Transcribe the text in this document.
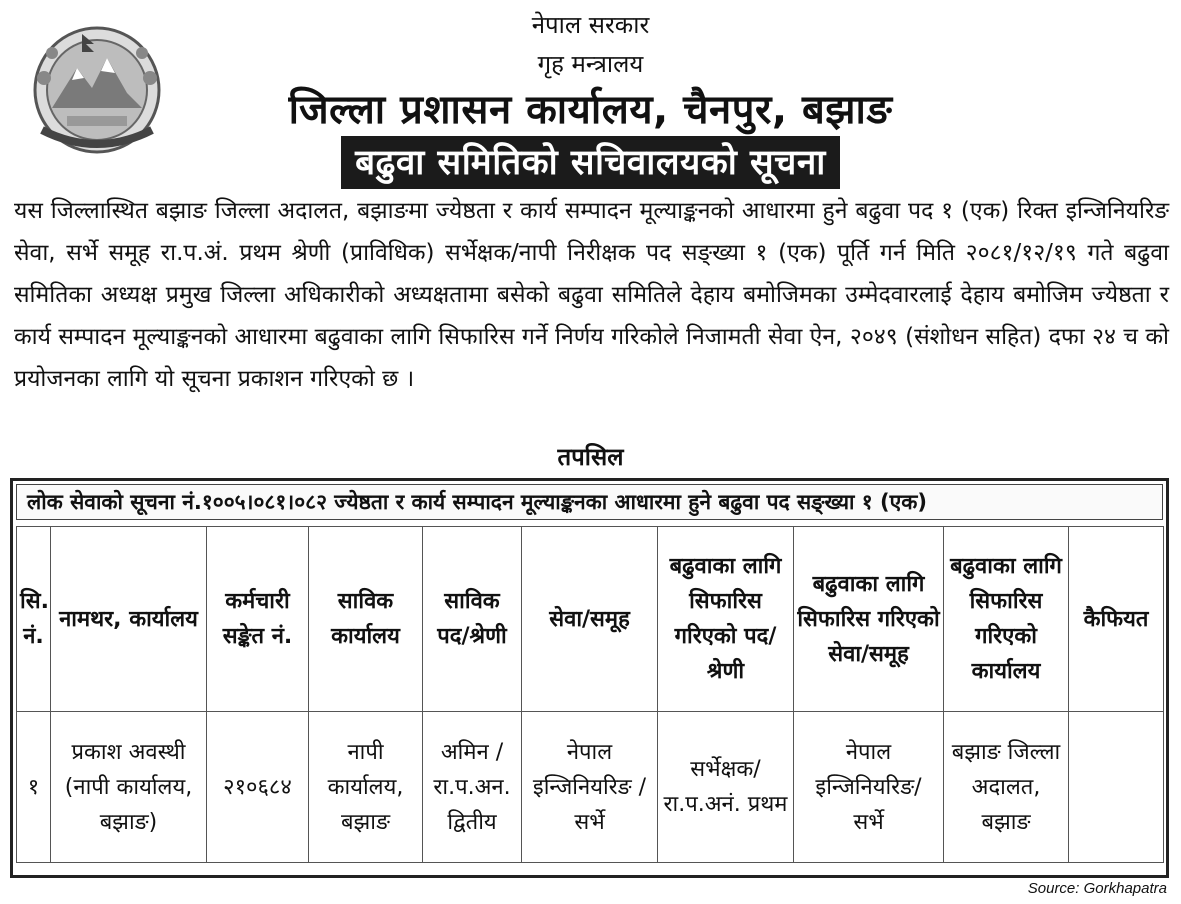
नेपाल सरकार
गृह मन्त्रालय
जिल्ला प्रशासन कार्यालय, चैनपुर, बझाङ
बढुवा समितिको सचिवालयको सूचना
यस जिल्लास्थित बझाङ जिल्ला अदालत, बझाङमा ज्येष्ठता र कार्य सम्पादन मूल्याङ्कनको आधारमा हुने बढुवा पद १ (एक) रिक्त इन्जिनियरिङ सेवा, सर्भे समूह रा.प.अं. प्रथम श्रेणी (प्राविधिक) सर्भेक्षक/नापी निरीक्षक पद सङ्ख्या १ (एक) पूर्ति गर्न मिति २०८१/१२/१९ गते बढुवा समितिका अध्यक्ष प्रमुख जिल्ला अधिकारीको अध्यक्षतामा बसेको बढुवा समितिले देहाय बमोजिमका उम्मेदवारलाई देहाय बमोजिम ज्येष्ठता र कार्य सम्पादन मूल्याङ्कनको आधारमा बढुवाका लागि सिफारिस गर्ने निर्णय गरिकोले निजामती सेवा ऐन, २०४९ (संशोधन सहित) दफा २४ च को प्रयोजनका लागि यो सूचना प्रकाशन गरिएको छ ।
तपसिल
लोक सेवाको सूचना नं.१००५।०८१।०८२ ज्येष्ठता र कार्य सम्पादन मूल्याङ्कनका आधारमा हुने बढुवा पद सङ्ख्या १ (एक)
सि. नं.	नामथर, कार्यालय	कर्मचारी सङ्केत नं.	साविक कार्यालय	साविक पद/श्रेणी	सेवा/समूह	बढुवाका लागि सिफारिस गरिएको पद/श्रेणी	बढुवाका लागि सिफारिस गरिएको सेवा/समूह	बढुवाका लागि सिफारिस गरिएको कार्यालय	कैफियत
१	प्रकाश अवस्थी (नापी कार्यालय, बझाङ)	२१०६८४	नापी कार्यालय, बझाङ	अमिन / रा.प.अन. द्वितीय	नेपाल इन्जिनियरिङ /सर्भे	सर्भेक्षक/ रा.प.अनं. प्रथम	नेपाल इन्जिनियरिङ/ सर्भे	बझाङ जिल्ला अदालत, बझाङ	
Source: Gorkhapatra
